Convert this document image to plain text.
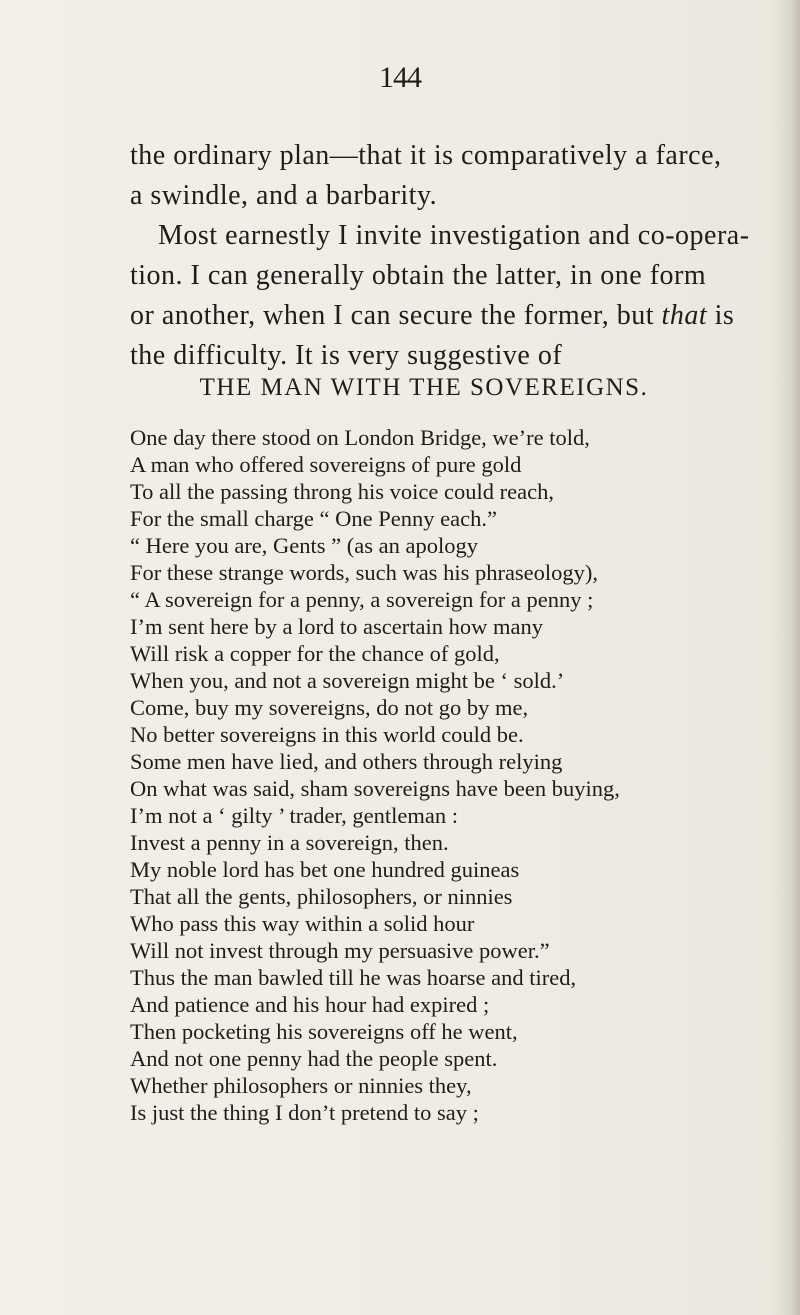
144
the ordinary plan—that it is comparatively a farce,
a swindle, and a barbarity.
Most earnestly I invite investigation and co-opera-
tion. I can generally obtain the latter, in one form
or another, when I can secure the former, but that is
the difficulty. It is very suggestive of
THE MAN WITH THE SOVEREIGNS.
One day there stood on London Bridge, we’re told,
A man who offered sovereigns of pure gold
To all the passing throng his voice could reach,
For the small charge “ One Penny each.”
“ Here you are, Gents ” (as an apology
For these strange words, such was his phraseology),
“ A sovereign for a penny, a sovereign for a penny ;
I’m sent here by a lord to ascertain how many
Will risk a copper for the chance of gold,
When you, and not a sovereign might be ‘ sold.’
Come, buy my sovereigns, do not go by me,
No better sovereigns in this world could be.
Some men have lied, and others through relying
On what was said, sham sovereigns have been buying,
I’m not a ‘ gilty ’ trader, gentleman :
Invest a penny in a sovereign, then.
My noble lord has bet one hundred guineas
That all the gents, philosophers, or ninnies
Who pass this way within a solid hour
Will not invest through my persuasive power.”
Thus the man bawled till he was hoarse and tired,
And patience and his hour had expired ;
Then pocketing his sovereigns off he went,
And not one penny had the people spent.
Whether philosophers or ninnies they,
Is just the thing I don’t pretend to say ;
